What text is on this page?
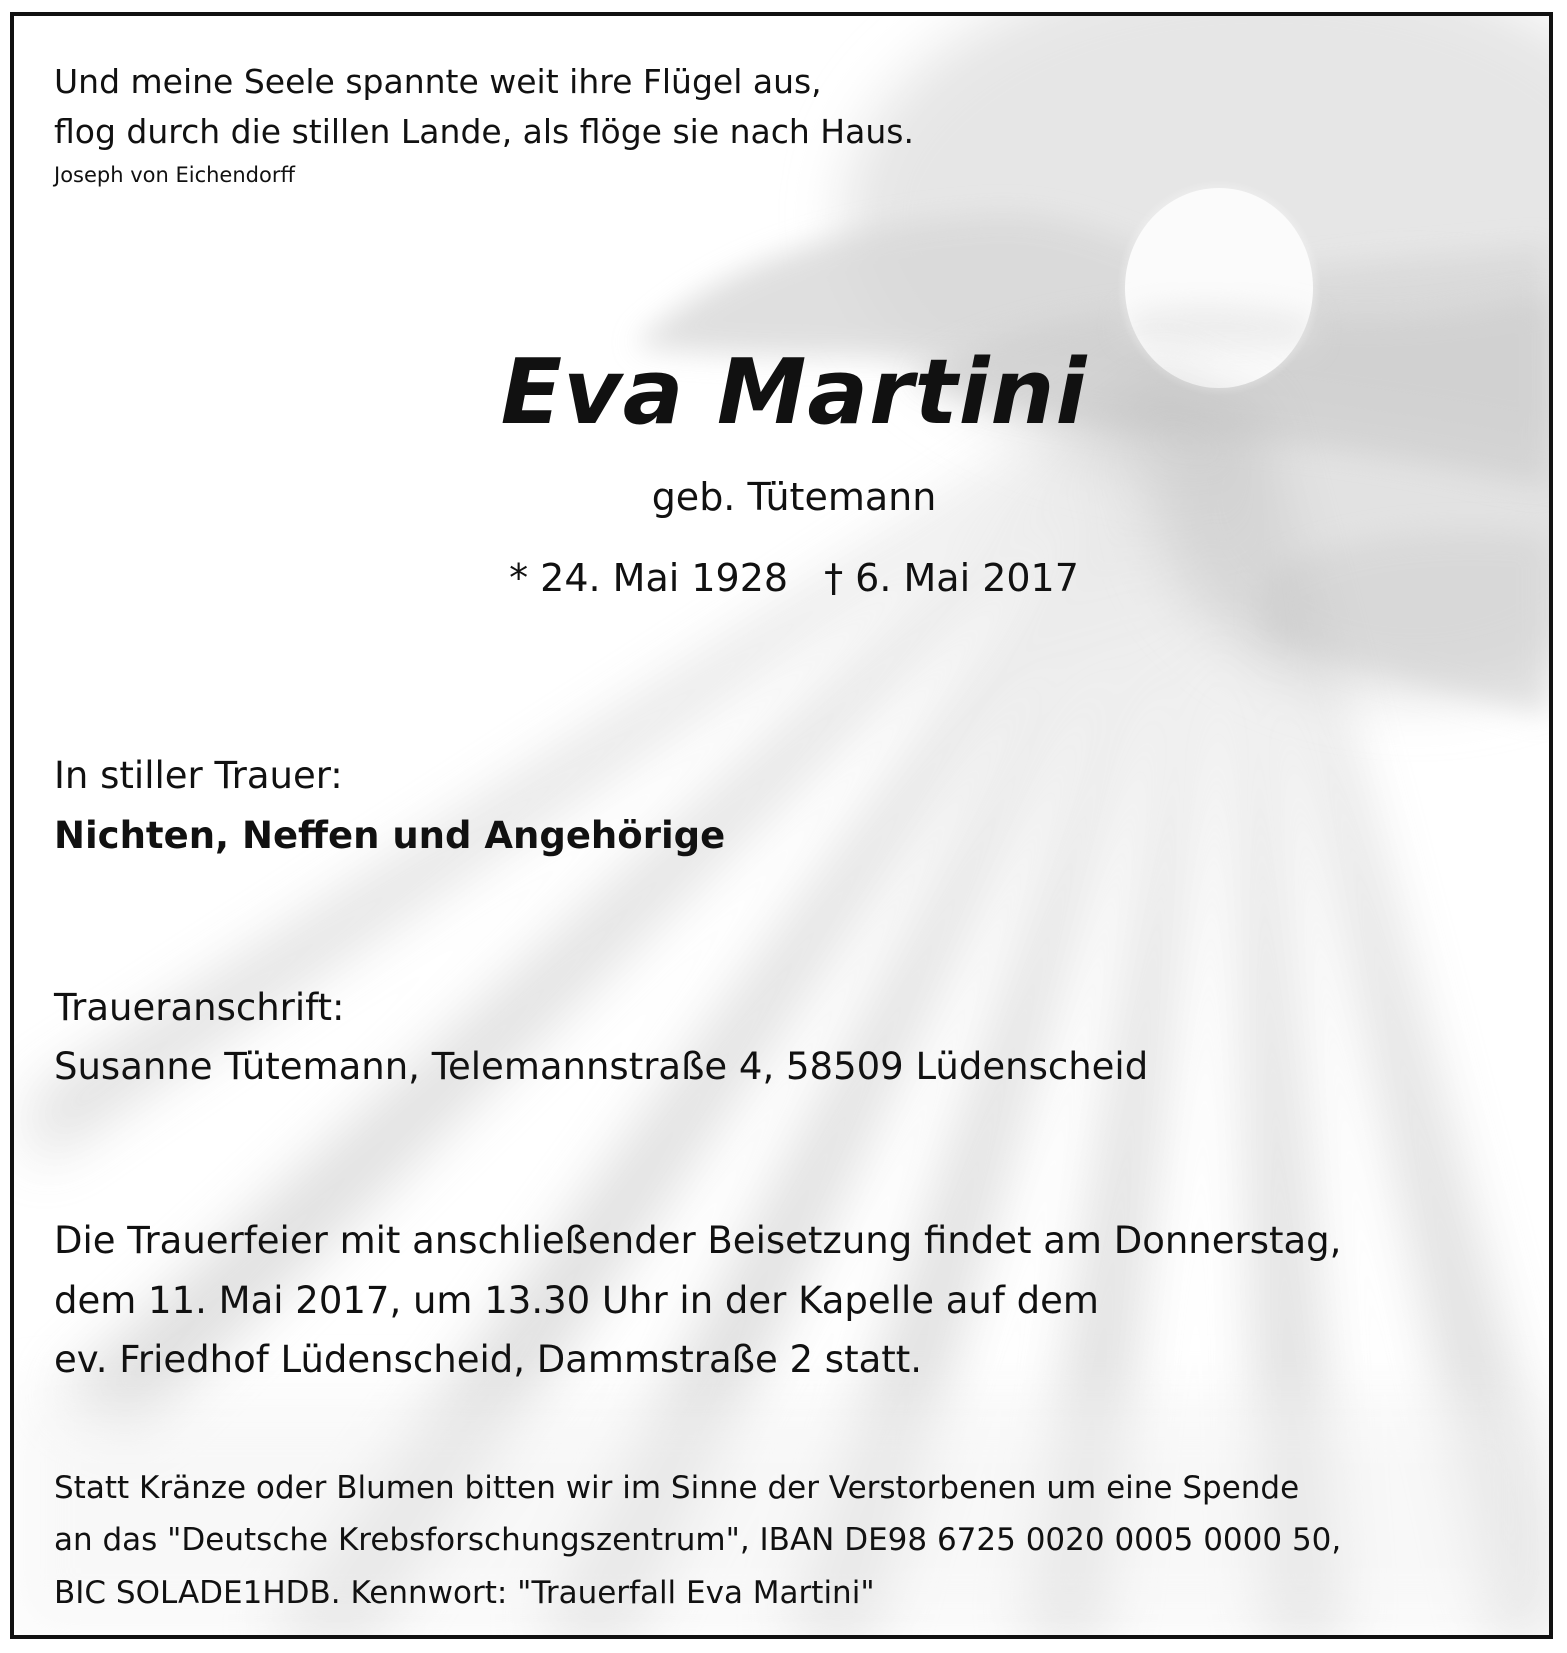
Und meine Seele spannte weit ihre Flügel aus,
flog durch die stillen Lande, als flöge sie nach Haus.
Joseph von Eichendorff
Eva Martini
geb. Tütemann
* 24. Mai 1928 † 6. Mai 2017
In stiller Trauer:
Nichten, Neffen und Angehörige
Traueranschrift:
Susanne Tütemann, Telemannstraße 4, 58509 Lüdenscheid
Die Trauerfeier mit anschließender Beisetzung findet am Donnerstag,
dem 11. Mai 2017, um 13.30 Uhr in der Kapelle auf dem
ev. Friedhof Lüdenscheid, Dammstraße 2 statt.
Statt Kränze oder Blumen bitten wir im Sinne der Verstorbenen um eine Spende
an das "Deutsche Krebsforschungszentrum", IBAN DE98 6725 0020 0005 0000 50,
BIC SOLADE1HDB. Kennwort: "Trauerfall Eva Martini"
